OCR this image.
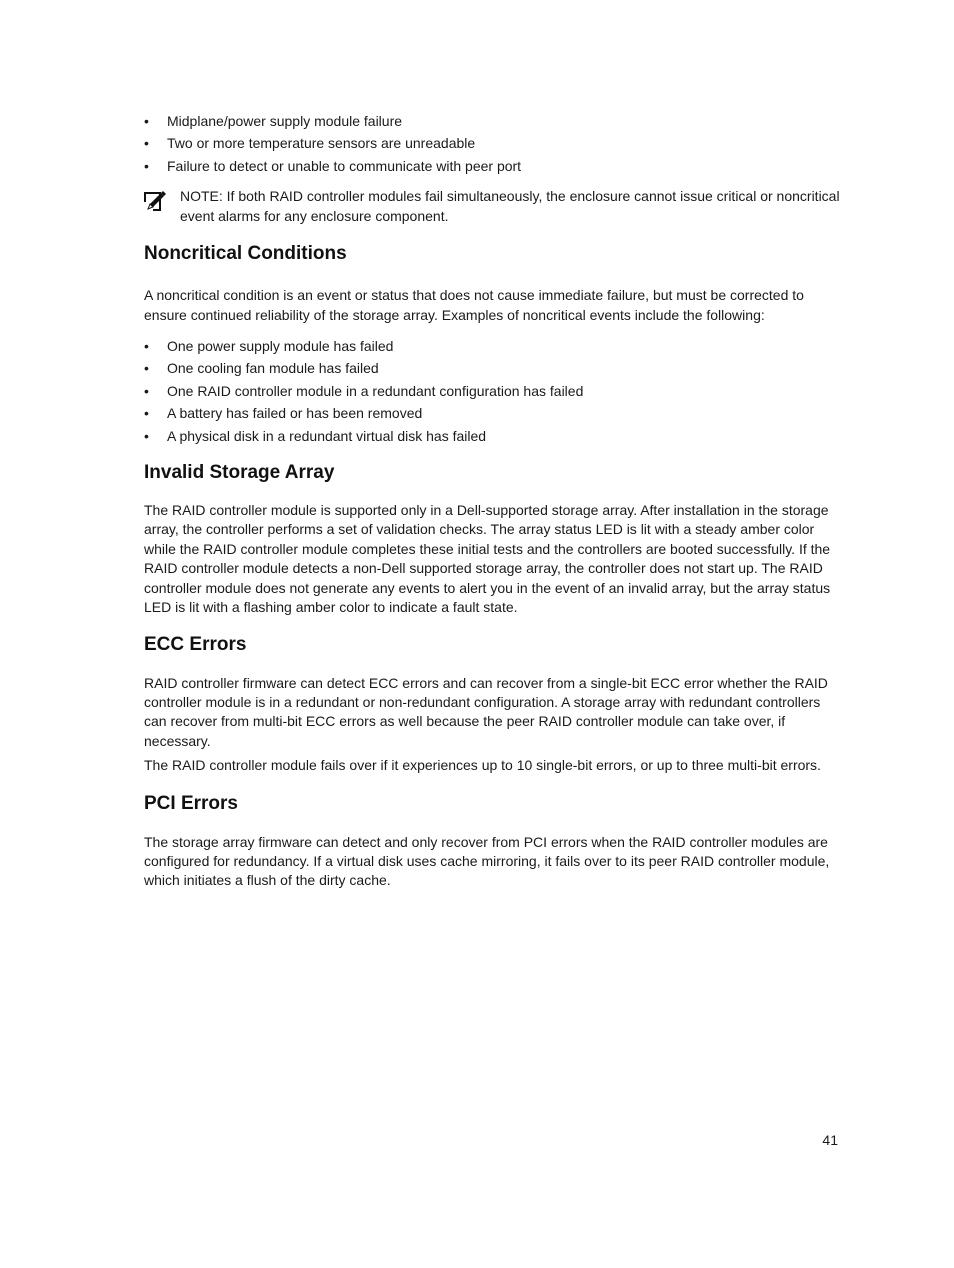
• Midplane/power supply module failure
• Two or more temperature sensors are unreadable
• Failure to detect or unable to communicate with peer port
NOTE: If both RAID controller modules fail simultaneously, the enclosure cannot issue critical or noncritical event alarms for any enclosure component.
Noncritical Conditions

A noncritical condition is an event or status that does not cause immediate failure, but must be corrected to ensure continued reliability of the storage array. Examples of noncritical events include the following:

• One power supply module has failed
• One cooling fan module has failed
• One RAID controller module in a redundant configuration has failed
• A battery has failed or has been removed
• A physical disk in a redundant virtual disk has failed
Invalid Storage Array

The RAID controller module is supported only in a Dell-supported storage array. After installation in the storage array, the controller performs a set of validation checks. The array status LED is lit with a steady amber color while the RAID controller module completes these initial tests and the controllers are booted successfully. If the RAID controller module detects a non-Dell supported storage array, the controller does not start up. The RAID controller module does not generate any events to alert you in the event of an invalid array, but the array status LED is lit with a flashing amber color to indicate a fault state.

ECC Errors

RAID controller firmware can detect ECC errors and can recover from a single-bit ECC error whether the RAID controller module is in a redundant or non-redundant configuration. A storage array with redundant controllers can recover from multi-bit ECC errors as well because the peer RAID controller module can take over, if necessary.

The RAID controller module fails over if it experiences up to 10 single-bit errors, or up to three multi-bit errors.

PCI Errors

The storage array firmware can detect and only recover from PCI errors when the RAID controller modules are configured for redundancy. If a virtual disk uses cache mirroring, it fails over to its peer RAID controller module, which initiates a flush of the dirty cache.

41
